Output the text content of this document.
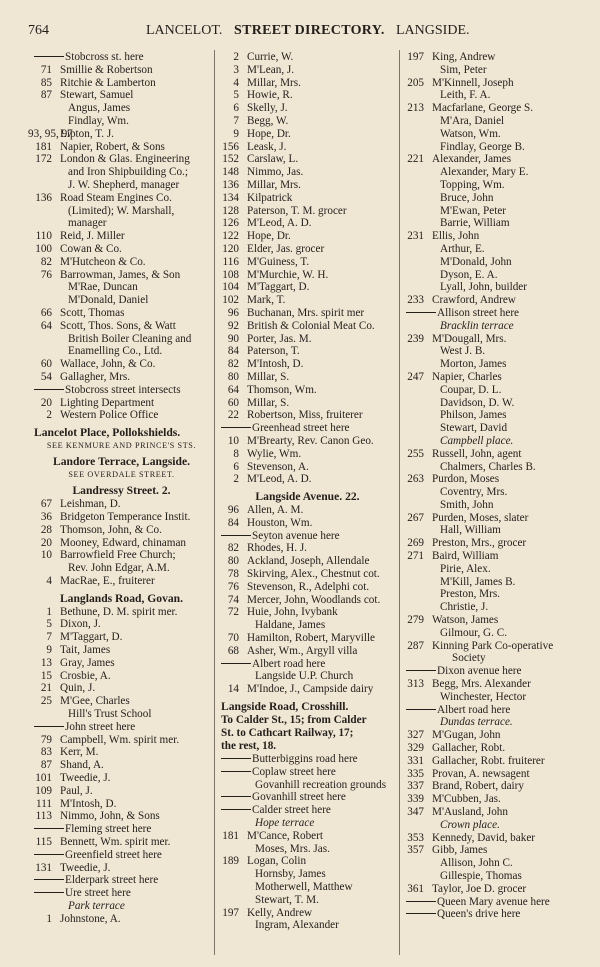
764	LANCELOT. STREET DIRECTORY. LANGSIDE.
Stobcross st. here
71 Smillie & Robertson
85 Ritchie & Lamberton
87 Stewart, Samuel
Angus, James
Findlay, Wm.
93, 95, 97
Lipton, T. J.
181 Napier, Robert, & Sons
172 London & Glas. Engineering
and Iron Shipbuilding Co.;
J. W. Shepherd, manager
136 Road Steam Engines Co.
(Limited); W. Marshall,
manager
110 Reid, J. Miller
100 Cowan & Co.
82 M'Hutcheon & Co.
76 Barrowman, James, & Son
M'Rae, Duncan
M'Donald, Daniel
66 Scott, Thomas
64 Scott, Thos. Sons, & Watt
British Boiler Cleaning and
Enamelling Co., Ltd.
60 Wallace, John, & Co.
54 Gallagher, Mrs.
Stobcross street intersects
20 Lighting Department
2 Western Police Office
Lancelot Place, Pollokshields.
SEE KENMURE AND PRINCE'S STS.
Landore Terrace, Langside.
SEE OVERDALE STREET.
Landressy Street. 2.
67 Leishman, D.
36 Bridgeton Temperance Instit.
28 Thomson, John, & Co.
20 Mooney, Edward, chinaman
10 Barrowfield Free Church;
Rev. John Edgar, A.M.
4 MacRae, E., fruiterer
Langlands Road, Govan.
1 Bethune, D. M. spirit mer.
5 Dixon, J.
7 M'Taggart, D.
9 Tait, James
13 Gray, James
15 Crosbie, A.
21 Quin, J.
25 M'Gee, Charles
Hill's Trust School
John street here
79 Campbell, Wm. spirit mer.
83 Kerr, M.
87 Shand, A.
101 Tweedie, J.
109 Paul, J.
111 M'Intosh, D.
113 Nimmo, John, & Sons
Fleming street here
115 Bennett, Wm. spirit mer.
Greenfield street here
131 Tweedie, J.
Elderpark street here
Ure street here
Park terrace
1 Johnstone, A.
2 Currie, W.
3 M'Lean, J.
4 Millar, Mrs.
5 Howie, R.
6 Skelly, J.
7 Begg, W.
9 Hope, Dr.
156 Leask, J.
152 Carslaw, L.
148 Nimmo, Jas.
136 Millar, Mrs.
134 Kilpatrick
128 Paterson, T. M. grocer
126 M'Leod, A. D.
122 Hope, Dr.
120 Elder, Jas. grocer
116 M'Guiness, T.
108 M'Murchie, W. H.
104 M'Taggart, D.
102 Mark, T.
96 Buchanan, Mrs. spirit mer
92 British & Colonial Meat Co.
90 Porter, Jas. M.
84 Paterson, T.
82 M'Intosh, D.
80 Millar, S.
64 Thomson, Wm.
60 Millar, S.
22 Robertson, Miss, fruiterer
Greenhead street here
10 M'Brearty, Rev. Canon Geo.
8 Wylie, Wm.
6 Stevenson, A.
2 M'Leod, A. D.
Langside Avenue. 22.
96 Allen, A. M.
84 Houston, Wm.
Seyton avenue here
82 Rhodes, H. J.
80 Ackland, Joseph, Allendale
78 Skirving, Alex., Chestnut cot.
76 Stevenson, R., Adelphi cot.
74 Mercer, John, Woodlands cot.
72 Huie, John, Ivybank
Haldane, James
70 Hamilton, Robert, Maryville
68 Asher, Wm., Argyll villa
Albert road here
Langside U.P. Church
14 M'Indoe, J., Campside dairy
Langside Road, Crosshill.
To Calder St., 15; from Calder
St. to Cathcart Railway, 17;
the rest, 18.
Butterbiggins road here
Coplaw street here
Govanhill recreation grounds
Govanhill street here
Calder street here
Hope terrace
181 M'Cance, Robert
Moses, Mrs. Jas.
189 Logan, Colin
Hornsby, James
Motherwell, Matthew
Stewart, T. M.
197 Kelly, Andrew
Ingram, Alexander
197 King, Andrew
Sim, Peter
205 M'Kinnell, Joseph
Leith, F. A.
213 Macfarlane, George S.
M'Ara, Daniel
Watson, Wm.
Findlay, George B.
221 Alexander, James
Alexander, Mary E.
Topping, Wm.
Bruce, John
M'Ewan, Peter
Barrie, William
231 Ellis, John
Arthur, E.
M'Donald, John
Dyson, E. A.
Lyall, John, builder
233 Crawford, Andrew
Allison street here
Bracklin terrace
239 M'Dougall, Mrs.
West J. B.
Morton, James
247 Napier, Charles
Coupar, D. L.
Davidson, D. W.
Philson, James
Stewart, David
Campbell place.
255 Russell, John, agent
Chalmers, Charles B.
263 Purdon, Moses
Coventry, Mrs.
Smith, John
267 Purden, Moses, slater
Hall, William
269 Preston, Mrs., grocer
271 Baird, William
Pirie, Alex.
M'Kill, James B.
Preston, Mrs.
Christie, J.
279 Watson, James
Gilmour, G. C.
287 Kinning Park Co-operative
Society
Dixon avenue here
313 Begg, Mrs. Alexander
Winchester, Hector
Albert road here
Dundas terrace.
327 M'Gugan, John
329 Gallacher, Robt.
331 Gallacher, Robt. fruiterer
335 Provan, A. newsagent
337 Brand, Robert, dairy
339 M'Cubben, Jas.
347 M'Ausland, John
Crown place.
353 Kennedy, David, baker
357 Gibb, James
Allison, John C.
Gillespie, Thomas
361 Taylor, Joe D. grocer
Queen Mary avenue here
Queen's drive here
